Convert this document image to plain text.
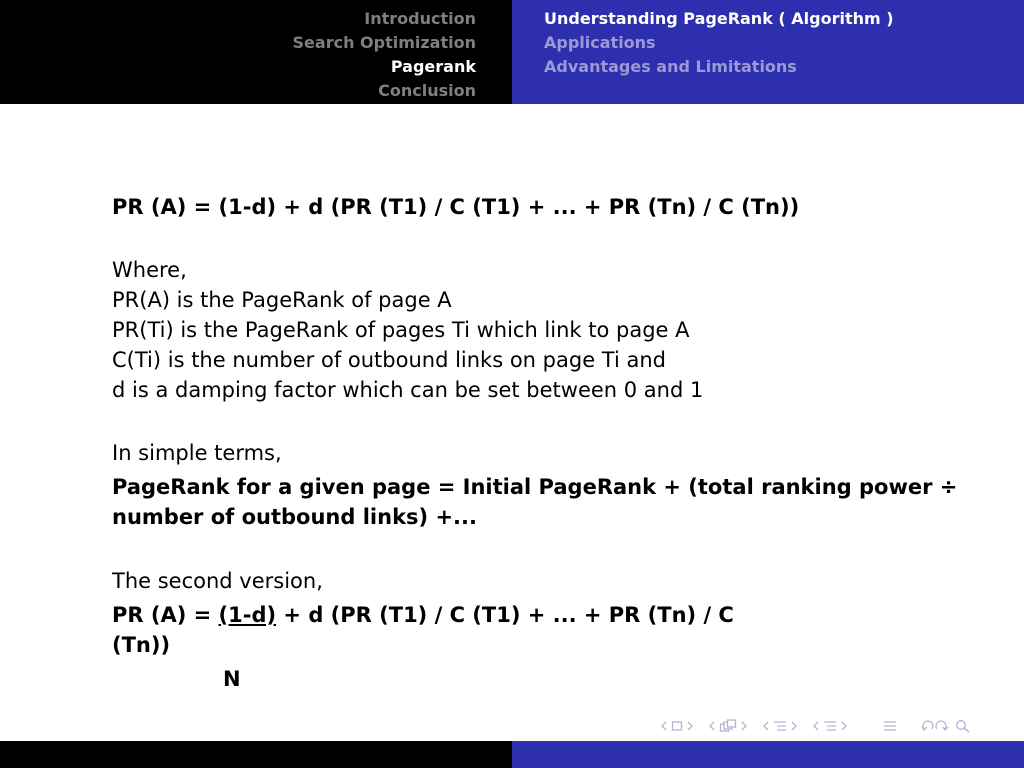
Introduction
Search Optimization
Pagerank
Conclusion
Understanding PageRank ( Algorithm )
Applications
Advantages and Limitations
PR (A) = (1-d) + d (PR (T1) / C (T1) + ... + PR (Tn) / C (Tn))
Where,
PR(A) is the PageRank of page A
PR(Ti) is the PageRank of pages Ti which link to page A
C(Ti) is the number of outbound links on page Ti and
d is a damping factor which can be set between 0 and 1
In simple terms,
PageRank for a given page = Initial PageRank + (total ranking power ÷
number of outbound links) +...
The second version,
PR (A) = (1-d) + d (PR (T1) / C (T1) + ... + PR (Tn) / C
(Tn))
N
